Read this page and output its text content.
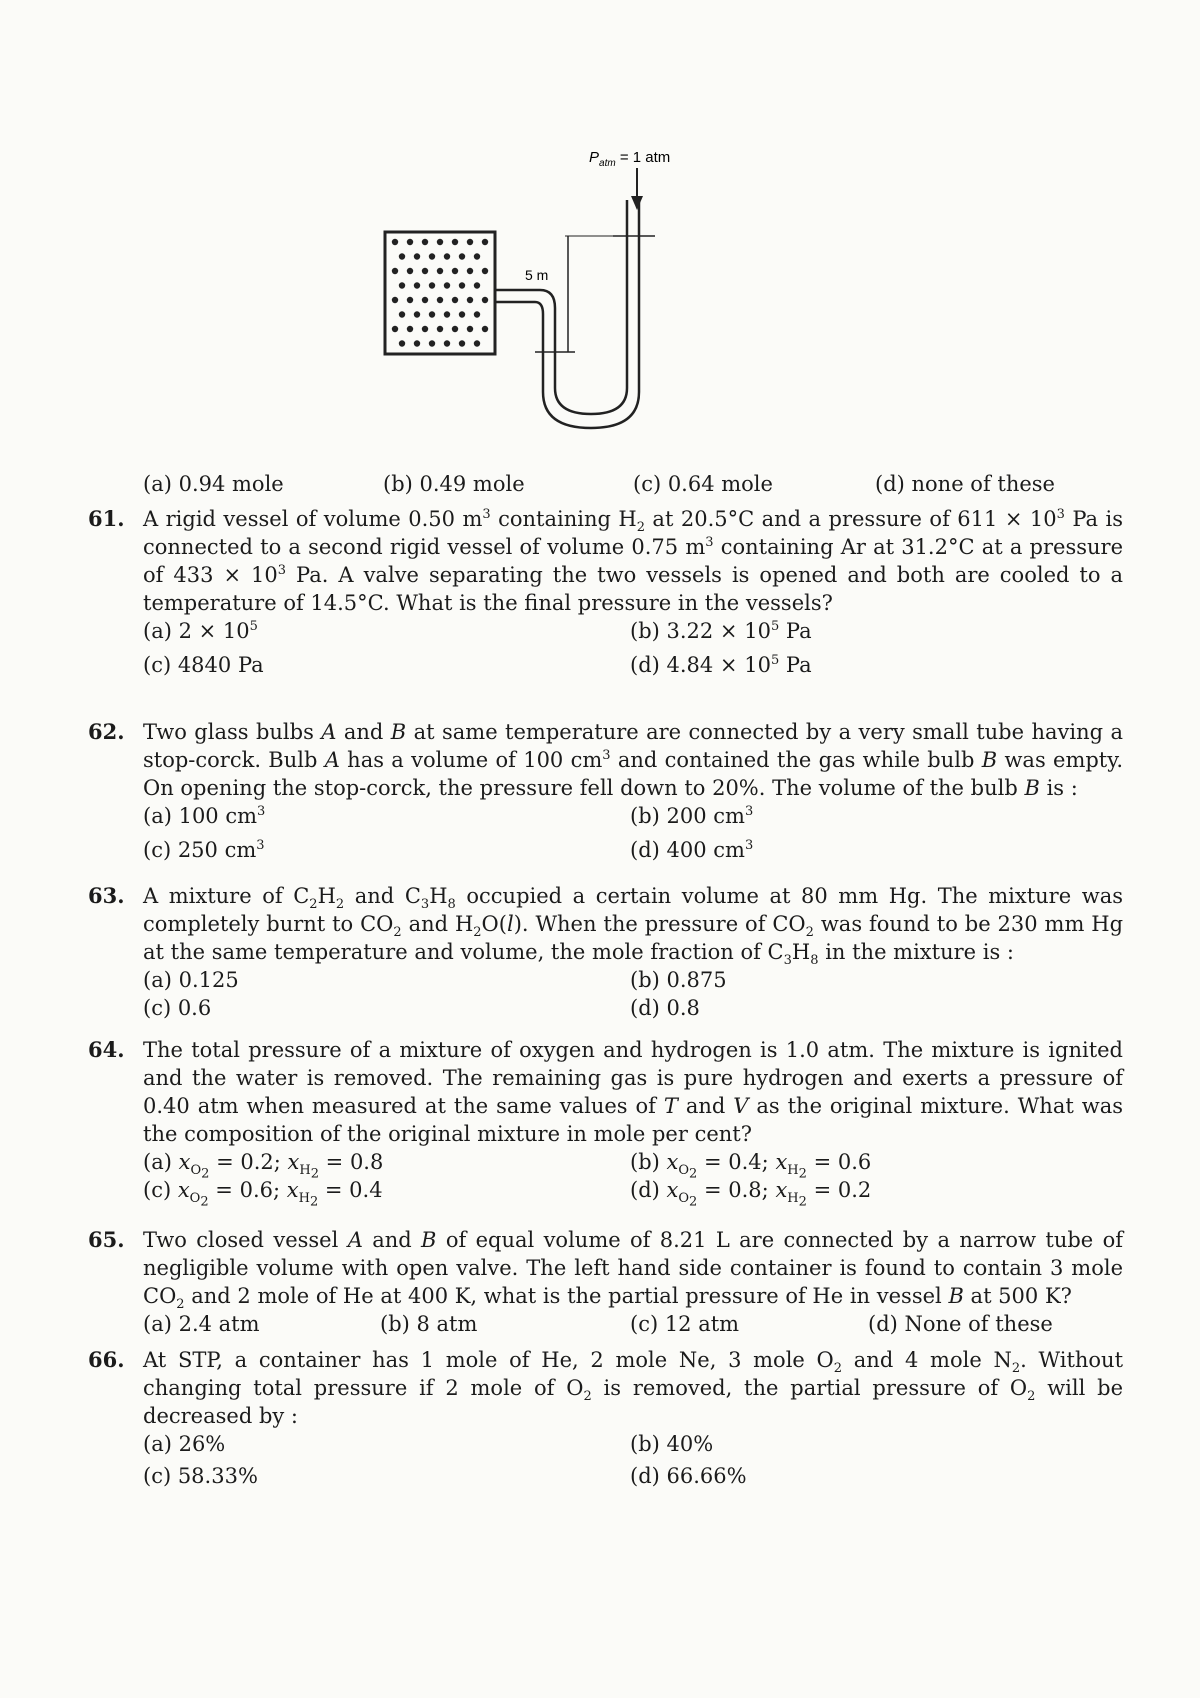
$P_{atm} = 1$ atm
5 m
(a) 0.94 mole	(b) 0.49 mole	(c) 0.64 mole	(d) none of these
61. A rigid vessel of volume 0.50 $m^3$ containing $H_2$ at 20.5°C and a pressure of $611 \times 10^3$ Pa is connected to a second rigid vessel of volume 0.75 $m^3$ containing Ar at 31.2°C at a pressure of $433 \times 10^3$ Pa. A valve separating the two vessels is opened and both are cooled to a temperature of 14.5°C. What is the final pressure in the vessels?
(a) $2 \times 10^5$	(b) $3.22 \times 10^5$ Pa
(c) 4840 Pa	(d) $4.84 \times 10^5$ Pa
62. Two glass bulbs A and B at same temperature are connected by a very small tube having a stop-corck. Bulb A has a volume of 100 $cm^3$ and contained the gas while bulb B was empty. On opening the stop-corck, the pressure fell down to 20%. The volume of the bulb B is :
(a) 100 $cm^3$	(b) 200 $cm^3$
(c) 250 $cm^3$	(d) 400 $cm^3$
63. A mixture of $C_2H_2$ and $C_3H_8$ occupied a certain volume at 80 mm Hg. The mixture was completely burnt to $CO_2$ and $H_2O(l)$. When the pressure of $CO_2$ was found to be 230 mm Hg at the same temperature and volume, the mole fraction of $C_3H_8$ in the mixture is :
(a) 0.125	(b) 0.875
(c) 0.6	(d) 0.8
64. The total pressure of a mixture of oxygen and hydrogen is 1.0 atm. The mixture is ignited and the water is removed. The remaining gas is pure hydrogen and exerts a pressure of 0.40 atm when measured at the same values of T and V as the original mixture. What was the composition of the original mixture in mole per cent?
(a) $x_{O_2} = 0.2$; $x_{H_2} = 0.8$	(b) $x_{O_2} = 0.4$; $x_{H_2} = 0.6$
(c) $x_{O_2} = 0.6$; $x_{H_2} = 0.4$	(d) $x_{O_2} = 0.8$; $x_{H_2} = 0.2$
65. Two closed vessel A and B of equal volume of 8.21 L are connected by a narrow tube of negligible volume with open valve. The left hand side container is found to contain 3 mole $CO_2$ and 2 mole of He at 400 K, what is the partial pressure of He in vessel B at 500 K?
(a) 2.4 atm	(b) 8 atm	(c) 12 atm	(d) None of these
66. At STP, a container has 1 mole of He, 2 mole Ne, 3 mole $O_2$ and 4 mole $N_2$. Without changing total pressure if 2 mole of $O_2$ is removed, the partial pressure of $O_2$ will be decreased by :
(a) 26%	(b) 40%
(c) 58.33%	(d) 66.66%
